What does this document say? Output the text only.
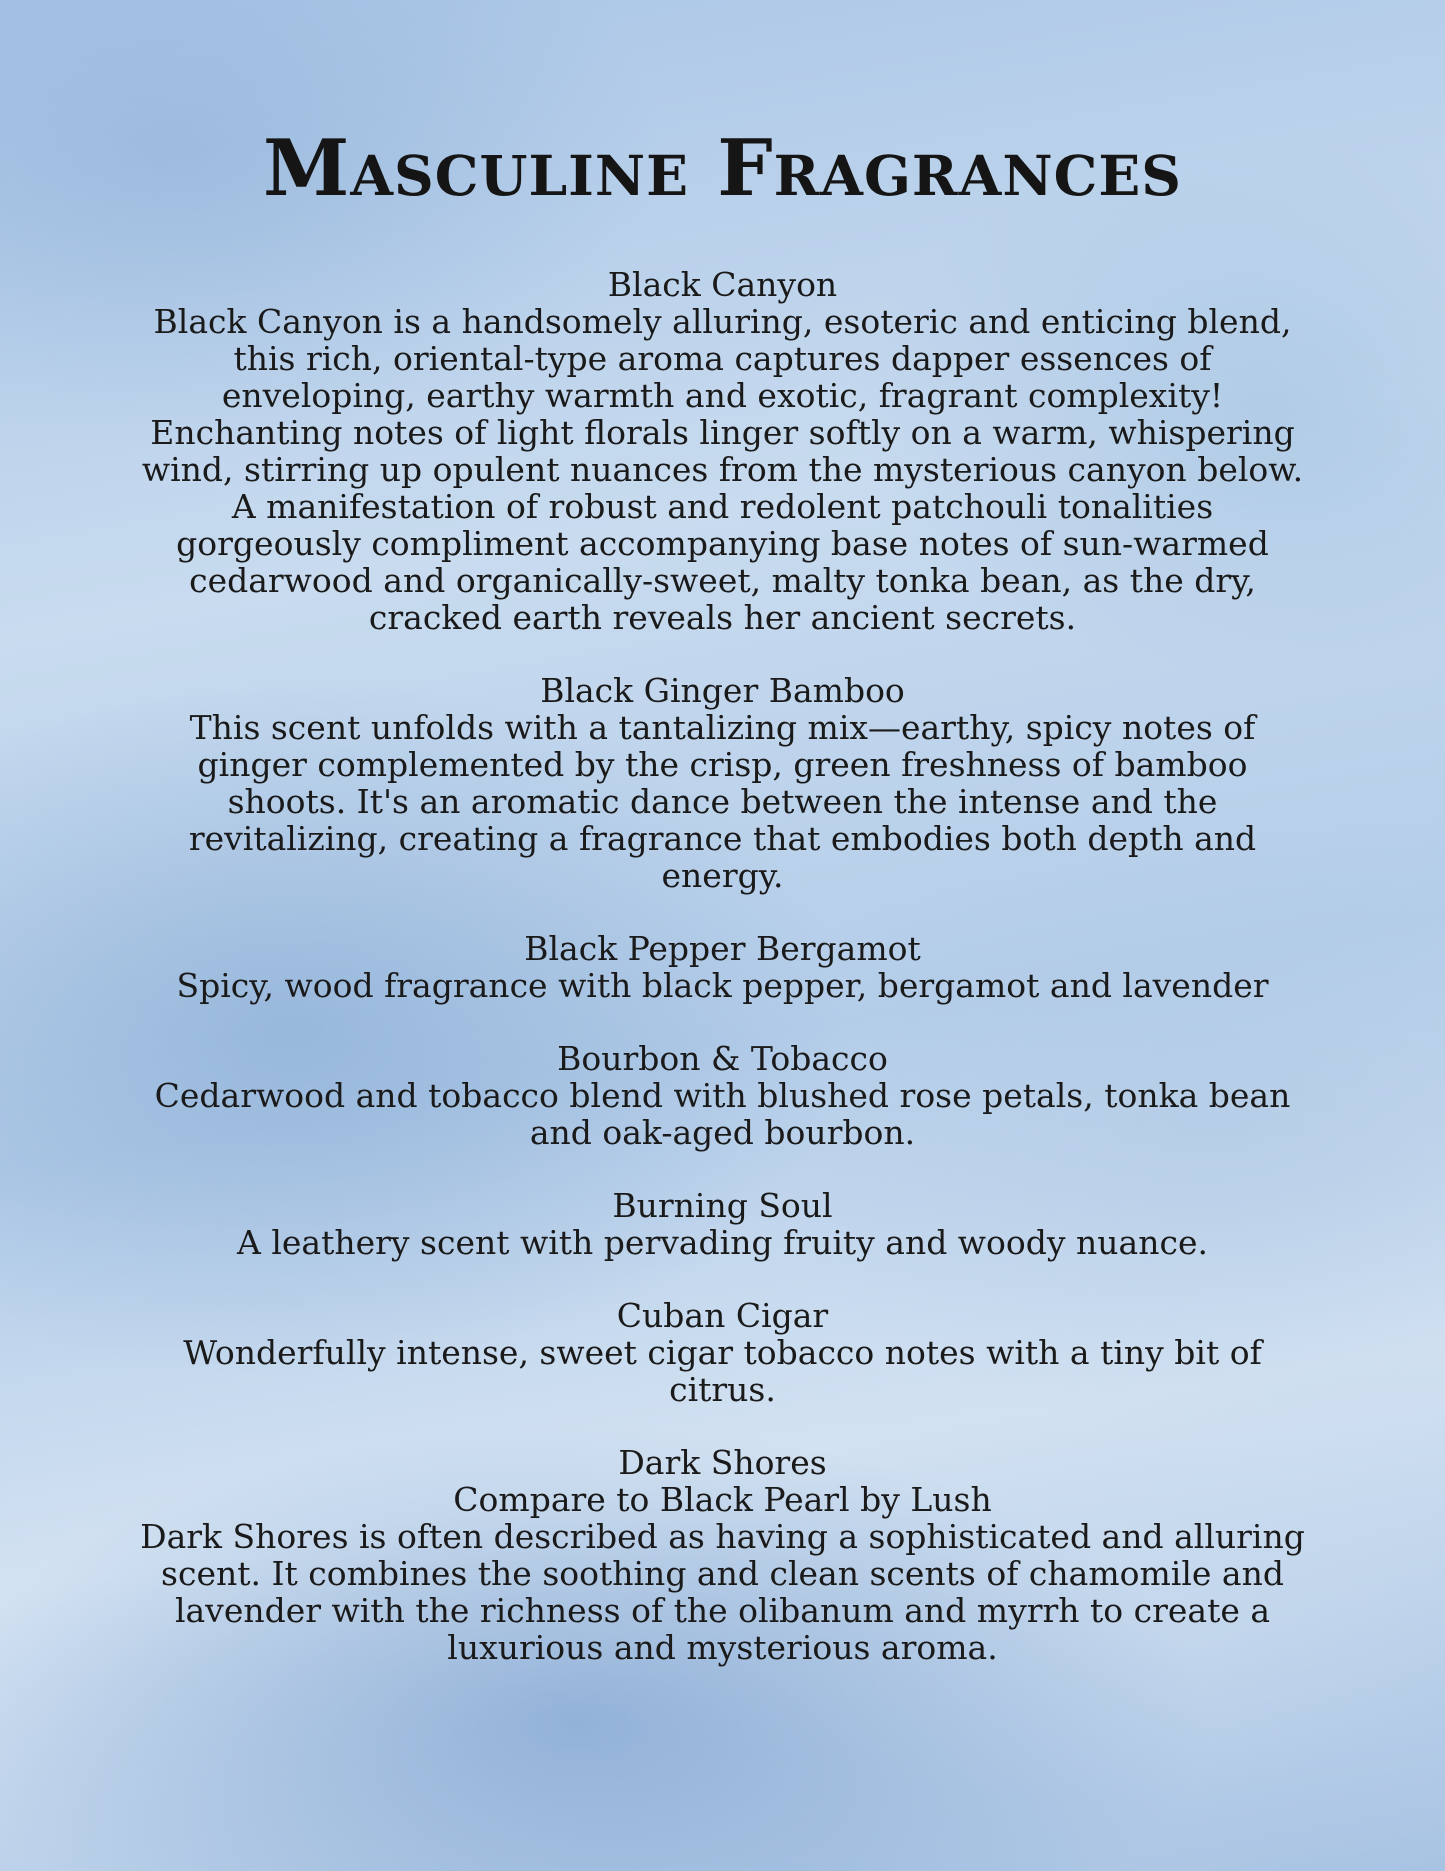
Masculine Fragrances

Black Canyon

Black Canyon is a handsomely alluring, esoteric and enticing blend, this rich, oriental-type aroma captures dapper essences of enveloping, earthy warmth and exotic, fragrant complexity! Enchanting notes of light florals linger softly on a warm, whispering wind, stirring up opulent nuances from the mysterious canyon below. A manifestation of robust and redolent patchouli tonalities gorgeously compliment accompanying base notes of sun-warmed cedarwood and organically-sweet, malty tonka bean, as the dry, cracked earth reveals her ancient secrets.

Black Ginger Bamboo

This scent unfolds with a tantalizing mix—earthy, spicy notes of ginger complemented by the crisp, green freshness of bamboo shoots. It's an aromatic dance between the intense and the revitalizing, creating a fragrance that embodies both depth and energy.

Black Pepper Bergamot

Spicy, wood fragrance with black pepper, bergamot and lavender

Bourbon & Tobacco

Cedarwood and tobacco blend with blushed rose petals, tonka bean and oak-aged bourbon.

Burning Soul

A leathery scent with pervading fruity and woody nuance.

Cuban Cigar

Wonderfully intense, sweet cigar tobacco notes with a tiny bit of citrus.

Dark Shores

Compare to Black Pearl by Lush

Dark Shores is often described as having a sophisticated and alluring scent. It combines the soothing and clean scents of chamomile and lavender with the richness of the olibanum and myrrh to create a luxurious and mysterious aroma.
